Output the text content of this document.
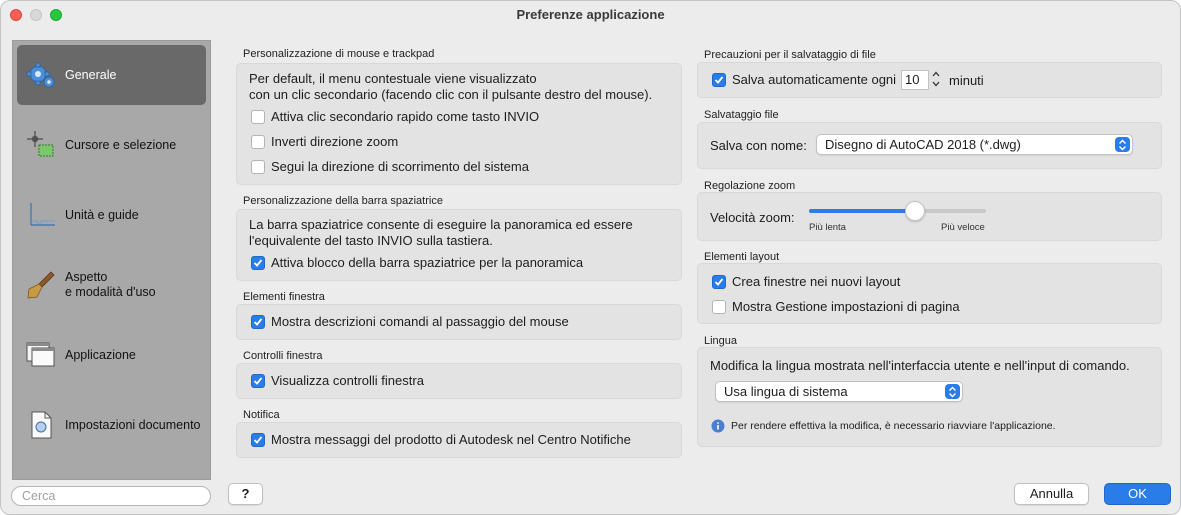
Preferenze applicazione
Generale
Cursore e selezione
Unità e guide
Aspetto
e modalità d'uso
Applicazione
Impostazioni documento
Cerca	?
Personalizzazione di mouse e trackpad
Per default, il menu contestuale viene visualizzato
con un clic secondario (facendo clic con il pulsante destro del mouse).
Attiva clic secondario rapido come tasto INVIO
Inverti direzione zoom
Segui la direzione di scorrimento del sistema
Personalizzazione della barra spaziatrice
La barra spaziatrice consente di eseguire la panoramica ed essere
l'equivalente del tasto INVIO sulla tastiera.
Attiva blocco della barra spaziatrice per la panoramica
Elementi finestra
Mostra descrizioni comandi al passaggio del mouse
Controlli finestra
Visualizza controlli finestra
Notifica
Mostra messaggi del prodotto di Autodesk nel Centro Notifiche
Precauzioni per il salvataggio di file
Salva automaticamente ogni 10	minuti
Salvataggio file
Salva con nome:	Disegno di AutoCAD 2018 (*.dwg)
Regolazione zoom
Velocità zoom:
Più lenta	Più veloce
Elementi layout
Crea finestre nei nuovi layout
Mostra Gestione impostazioni di pagina
Lingua
Modifica la lingua mostrata nell'interfaccia utente e nell'input di comando.
Usa lingua di sistema
Per rendere effettiva la modifica, è necessario riavviare l'applicazione.
Annulla	OK
